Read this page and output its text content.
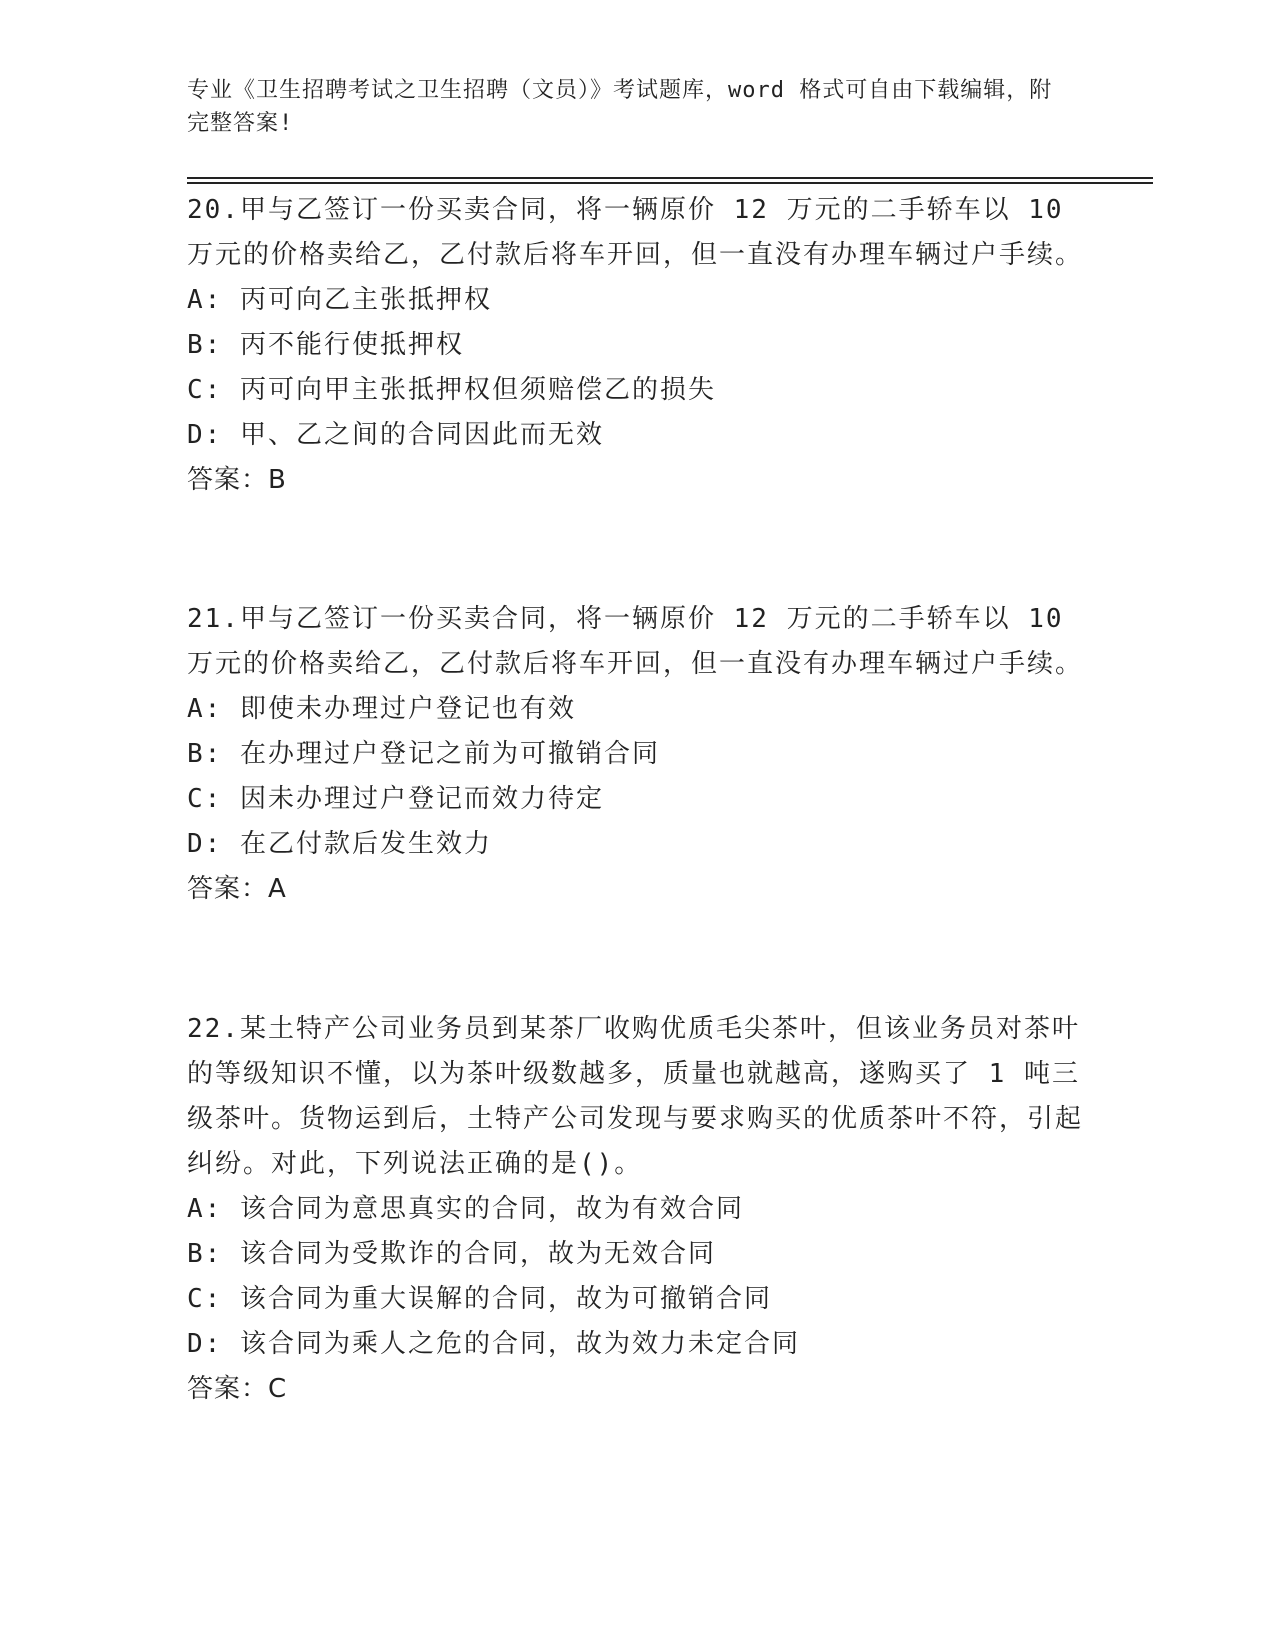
专业《卫生招聘考试之卫生招聘（文员）》考试题库，word 格式可自由下载编辑，附完整答案!

20.甲与乙签订一份买卖合同，将一辆原价 12 万元的二手轿车以 10 万元的价格卖给乙，乙付款后将车开回，但一直没有办理车辆过户手续。

A: 丙可向乙主张抵押权

B: 丙不能行使抵押权

C: 丙可向甲主张抵押权但须赔偿乙的损失

D: 甲、乙之间的合同因此而无效

答案：B

21.甲与乙签订一份买卖合同，将一辆原价 12 万元的二手轿车以 10 万元的价格卖给乙，乙付款后将车开回，但一直没有办理车辆过户手续。

A: 即使未办理过户登记也有效

B: 在办理过户登记之前为可撤销合同

C: 因未办理过户登记而效力待定

D: 在乙付款后发生效力

答案：A

22.某土特产公司业务员到某茶厂收购优质毛尖茶叶，但该业务员对茶叶的等级知识不懂，以为茶叶级数越多，质量也就越高，遂购买了 1 吨三级茶叶。货物运到后，土特产公司发现与要求购买的优质茶叶不符，引起纠纷。对此，下列说法正确的是()。

A: 该合同为意思真实的合同，故为有效合同

B: 该合同为受欺诈的合同，故为无效合同

C: 该合同为重大误解的合同，故为可撤销合同

D: 该合同为乘人之危的合同，故为效力未定合同

答案：C
